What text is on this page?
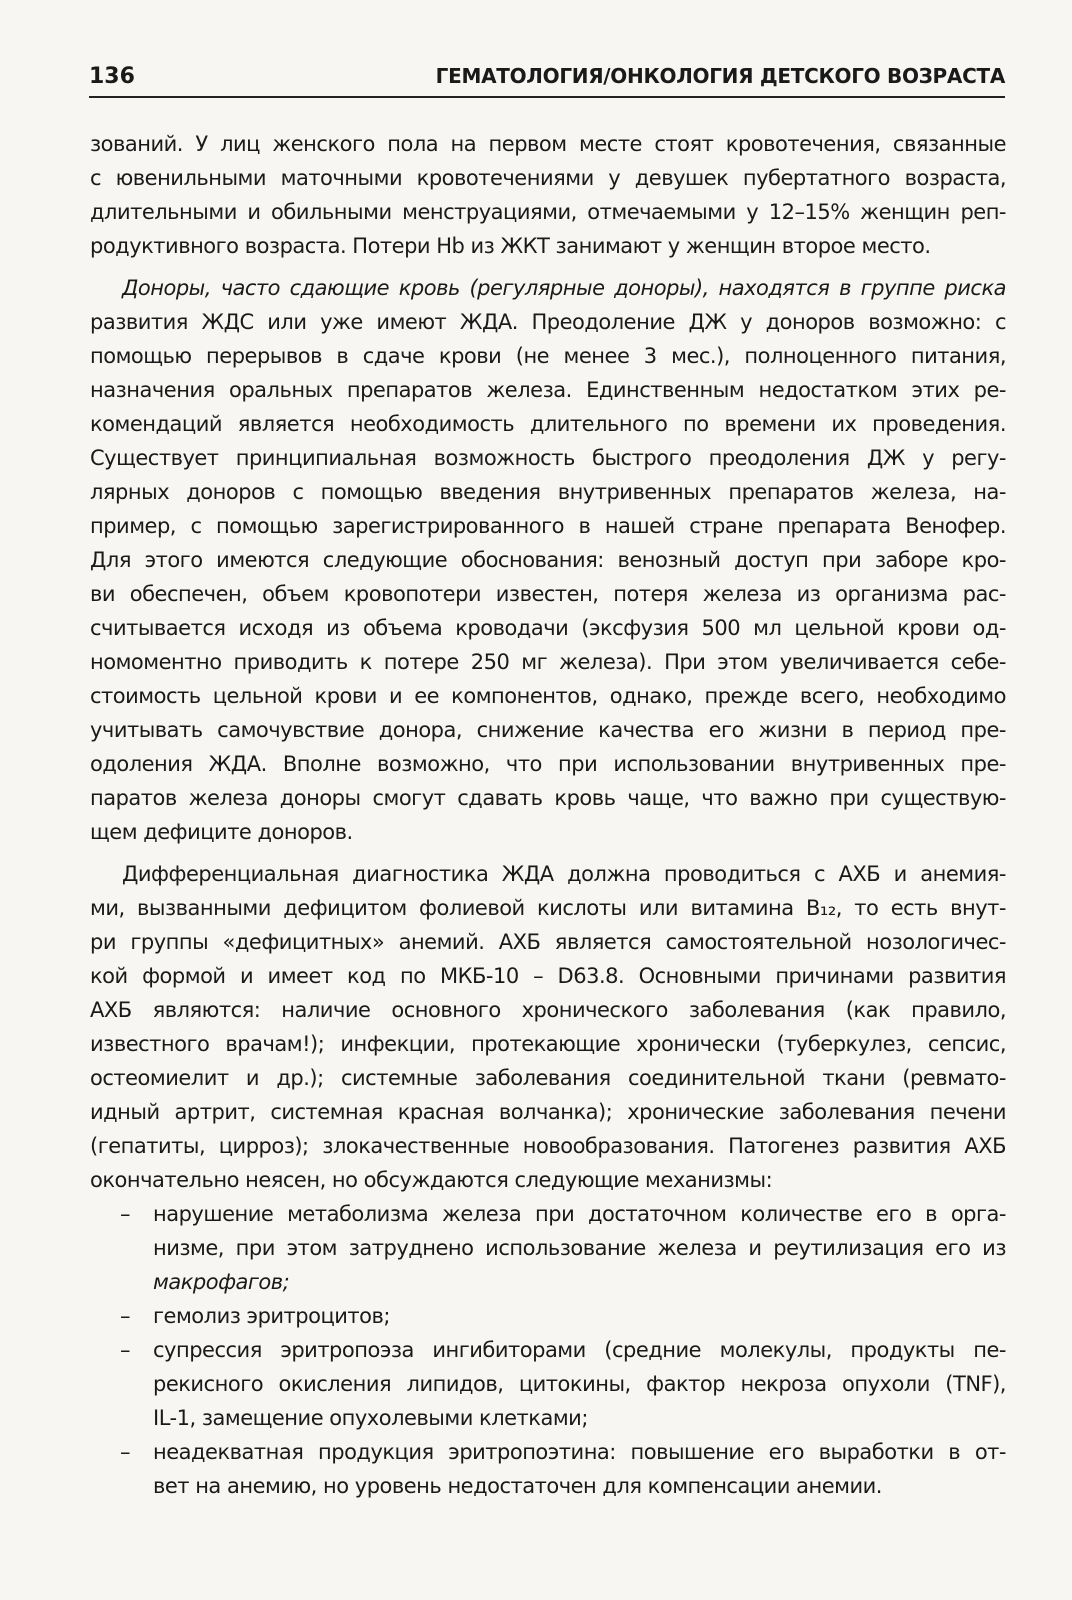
136	ГЕМАТОЛОГИЯ/ОНКОЛОГИЯ ДЕТСКОГО ВОЗРАСТА
зований. У лиц женского пола на первом месте стоят кровотечения, связанные
с ювенильными маточными кровотечениями у девушек пубертатного возраста,
длительными и обильными менструациями, отмечаемыми у 12–15% женщин реп-
родуктивного возраста. Потери Hb из ЖКТ занимают у женщин второе место.
Доноры, часто сдающие кровь (регулярные доноры), находятся в группе риска
развития ЖДС или уже имеют ЖДА. Преодоление ДЖ у доноров возможно: с
помощью перерывов в сдаче крови (не менее 3 мес.), полноценного питания,
назначения оральных препаратов железа. Единственным недостатком этих ре-
комендаций является необходимость длительного по времени их проведения.
Существует принципиальная возможность быстрого преодоления ДЖ у регу-
лярных доноров с помощью введения внутривенных препаратов железа, на-
пример, с помощью зарегистрированного в нашей стране препарата Венофер.
Для этого имеются следующие обоснования: венозный доступ при заборе кро-
ви обеспечен, объем кровопотери известен, потеря железа из организма рас-
считывается исходя из объема кроводачи (эксфузия 500 мл цельной крови од-
номоментно приводить к потере 250 мг железа). При этом увеличивается себе-
стоимость цельной крови и ее компонентов, однако, прежде всего, необходимо
учитывать самочувствие донора, снижение качества его жизни в период пре-
одоления ЖДА. Вполне возможно, что при использовании внутривенных пре-
паратов железа доноры смогут сдавать кровь чаще, что важно при существую-
щем дефиците доноров.
Дифференциальная диагностика ЖДА должна проводиться с АХБ и анемия-
ми, вызванными дефицитом фолиевой кислоты или витамина B₁₂, то есть внут-
ри группы «дефицитных» анемий. АХБ является самостоятельной нозологичес-
кой формой и имеет код по МКБ-10 – D63.8. Основными причинами развития
АХБ являются: наличие основного хронического заболевания (как правило,
известного врачам!); инфекции, протекающие хронически (туберкулез, сепсис,
остеомиелит и др.); системные заболевания соединительной ткани (ревмато-
идный артрит, системная красная волчанка); хронические заболевания печени
(гепатиты, цирроз); злокачественные новообразования. Патогенез развития АХБ
окончательно неясен, но обсуждаются следующие механизмы:
– нарушение метаболизма железа при достаточном количестве его в орга-
низме, при этом затруднено использование железа и реутилизация его из
макрофагов;
– гемолиз эритроцитов;
– супрессия эритропоэза ингибиторами (средние молекулы, продукты пе-
рекисного окисления липидов, цитокины, фактор некроза опухоли (TNF),
IL-1, замещение опухолевыми клетками;
– неадекватная продукция эритропоэтина: повышение его выработки в от-
вет на анемию, но уровень недостаточен для компенсации анемии.
